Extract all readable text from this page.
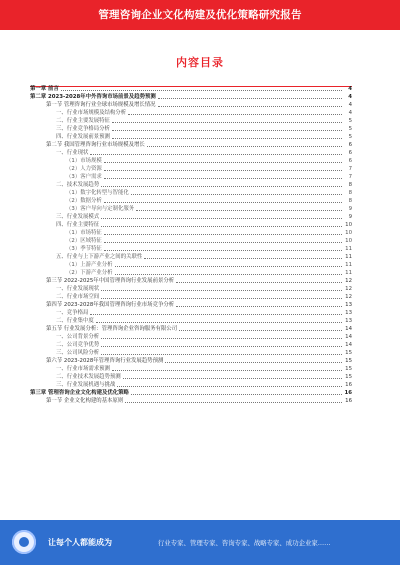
管理咨询企业文化构建及优化策略研究报告
内容目录
第一章 前言	4
第二章 2023-2028年中外咨询市场前景及趋势预测	4
第一节 管理咨询行业全球市场规模及增长情况	4
一、行业市场规模及结构分析	4
二、行业主要发展特征	5
三、行业竞争格局分析	5
四、行业发展前景预测	5
第二节 我国管理咨询行业市场规模及增长	6
一、行业现状	6
（1）市场规模	6
（2）人力资源	7
（3）客户需求	7
二、技术发展趋势	8
（1）数字化转型与智能化	8
（2）数据分析	8
（3）客户导向与定制化服务	9
三、行业发展模式	9
四、行业主要特征	10
（1）市场特征	10
（2）区域特征	10
（3）季节特征	11
五、行业与上下游产业之间的关联性	11
（1）上游产业分析	11
（2）下游产业分析	11
第三节 2022-2025年中国管理咨询行业发展前景分析	12
一、行业发展现状	12
二、行业市场空间	12
第四节 2023-2028年我国管理咨询行业市场竞争分析	13
一、竞争格局	13
二、行业集中度	13
第五节 行业发展分析：管理咨询企业咨询服务有限公司	14
一、公司背景分析	14
二、公司竞争优势	14
三、公司风险分析	15
第六节 2023-2028年管理咨询行业发展趋势预测	15
一、行业市场需求预测	15
二、行业技术发展趋势预测	15
三、行业发展机遇与挑战	16
第三章 管理咨询企业文化构建及优化策略	16
第一节 企业文化构建的基本原则	16
让每个人都能成为	行业专家、管理专家、咨询专家、战略专家、成功企业家……
